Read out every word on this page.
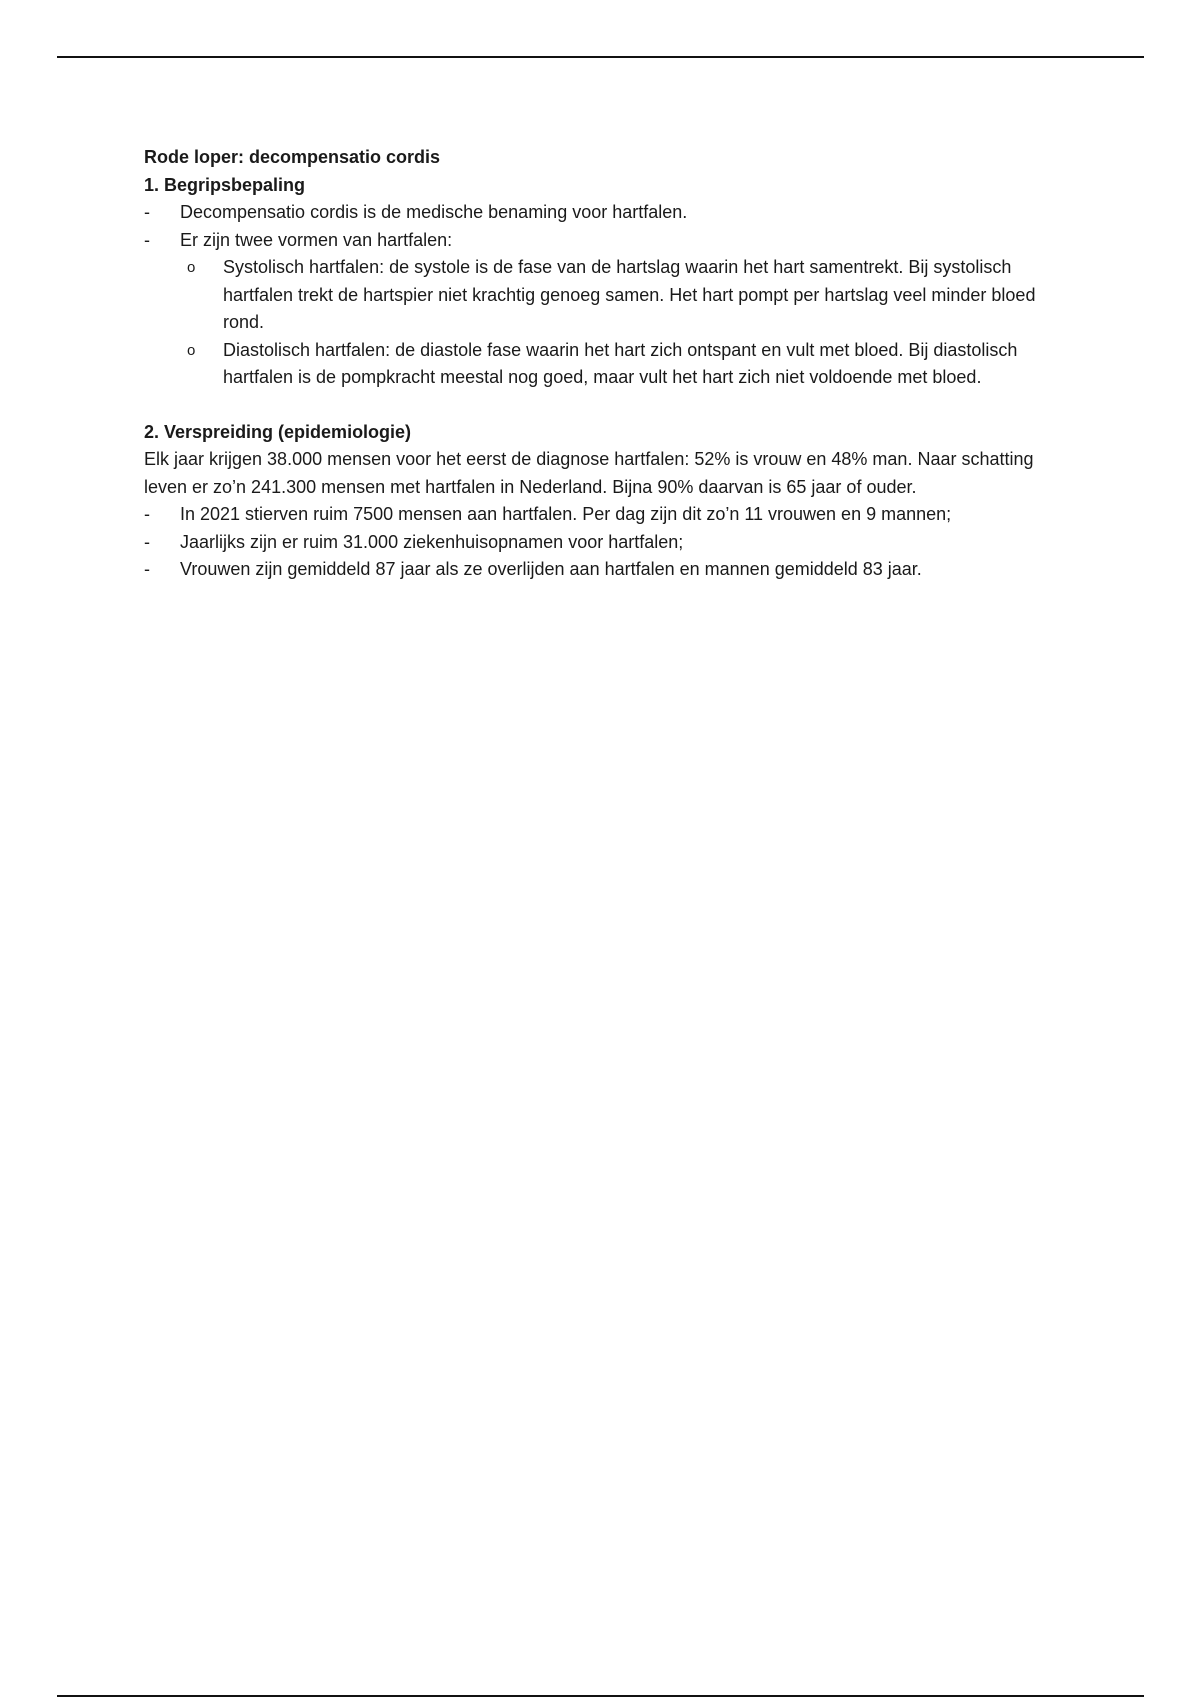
Rode loper: decompensatio cordis

1. Begripsbepaling

-	Decompensatio cordis is de medische benaming voor hartfalen.
-	Er zijn twee vormen van hartfalen:
o Systolisch hartfalen: de systole is de fase van de hartslag waarin het hart samentrekt. Bij systolisch hartfalen trekt de hartspier niet krachtig genoeg samen. Het hart pompt per hartslag veel minder bloed rond.
o Diastolisch hartfalen: de diastole fase waarin het hart zich ontspant en vult met bloed. Bij diastolisch hartfalen is de pompkracht meestal nog goed, maar vult het hart zich niet voldoende met bloed.

2. Verspreiding (epidemiologie)

Elk jaar krijgen 38.000 mensen voor het eerst de diagnose hartfalen: 52% is vrouw en 48% man. Naar schatting leven er zo’n 241.300 mensen met hartfalen in Nederland. Bijna 90% daarvan is 65 jaar of ouder.

-	In 2021 stierven ruim 7500 mensen aan hartfalen. Per dag zijn dit zo’n 11 vrouwen en 9 mannen;
-	Jaarlijks zijn er ruim 31.000 ziekenhuisopnamen voor hartfalen;
-	Vrouwen zijn gemiddeld 87 jaar als ze overlijden aan hartfalen en mannen gemiddeld 83 jaar.
